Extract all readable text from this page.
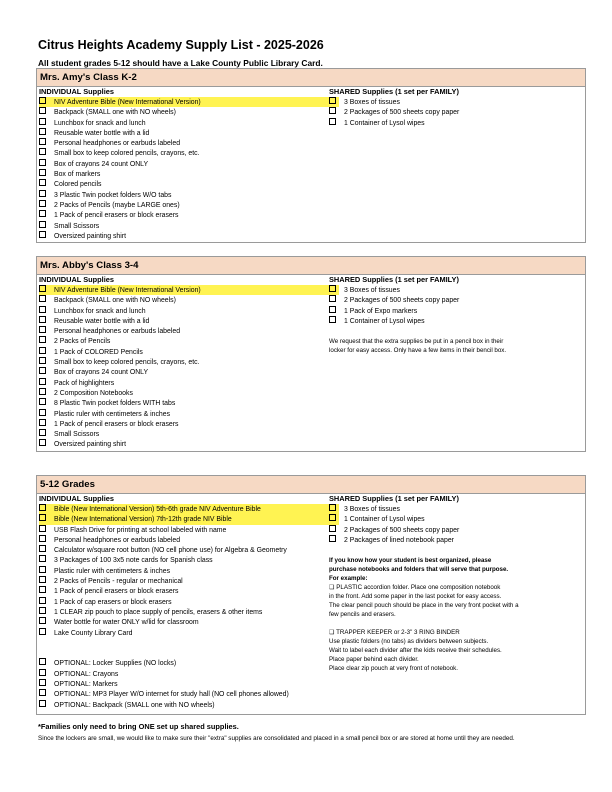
Citrus Heights Academy Supply List - 2025-2026
All student grades 5-12 should have a Lake County Public Library Card.
Mrs. Amy's Class K-2
INDIVIDUAL Supplies
NIV Adventure Bible (New International Version)
Backpack (SMALL one with NO wheels)
Lunchbox for snack and lunch
Reusable water bottle with a lid
Personal headphones or earbuds labeled
Small box to keep colored pencils, crayons, etc.
Box of crayons 24 count ONLY
Box of markers
Colored pencils
3 Plastic Twin pocket folders W/O tabs
2 Packs of Pencils (maybe LARGE ones)
1 Pack of pencil erasers or block erasers
Small Scissors
Oversized painting shirt
SHARED Supplies (1 set per FAMILY)
3 Boxes of tissues
2 Packages of 500 sheets copy paper
1 Container of Lysol wipes
Mrs. Abby's Class 3-4
INDIVIDUAL Supplies
NIV Adventure Bible (New International Version)
Backpack (SMALL one with NO wheels)
Lunchbox for snack and lunch
Reusable water bottle with a lid
Personal headphones or earbuds labeled
2 Packs of Pencils
1 Pack of COLORED Pencils
Small box to keep colored pencils, crayons, etc.
Box of crayons 24 count ONLY
Pack of highlighters
2 Composition Notebooks
8 Plastic Twin pocket folders WITH tabs
Plastic ruler with centimeters & inches
1 Pack of pencil erasers or block erasers
Small Scissors
Oversized painting shirt
SHARED Supplies (1 set per FAMILY)
3 Boxes of tissues
2 Packages of 500 sheets copy paper
1 Pack of Expo markers
1 Container of Lysol wipes
We request that the extra supplies be put in a pencil box in their
locker for easy access. Only have a few items in their bencil box.
5-12 Grades
INDIVIDUAL Supplies
Bible (New International Version) 5th-6th grade NIV Adventure Bible
Bible (New International Version) 7th-12th grade NIV Bible
USB Flash Drive for printing at school labeled with name
Personal headphones or earbuds labeled
Calculator w/square root button (NO cell phone use) for Algebra & Geometry
3 Packages of 100 3x5 note cards for Spanish class
Plastic ruler with centimeters & inches
2 Packs of Pencils - regular or mechanical
1 Pack of pencil erasers or block erasers
1 Pack of cap erasers or block erasers
1 CLEAR zip pouch to place supply of pencils, erasers & other items
Water bottle for water ONLY w/lid for classroom
Lake County Library Card
OPTIONAL: Locker Supplies (NO locks)
OPTIONAL: Crayons
OPTIONAL: Markers
OPTIONAL: MP3 Player W/O internet for study hall (NO cell phones allowed)
OPTIONAL: Backpack (SMALL one with NO wheels)
SHARED Supplies (1 set per FAMILY)
3 Boxes of tissues
1 Container of Lysol wipes
2 Packages of 500 sheets copy paper
2 Packages of lined notebook paper
If you know how your student is best organized, please
purchase notebooks and folders that will serve that purpose.
For example:
❏ PLASTIC accordion folder. Place one composition notebook
in the front. Add some paper in the last pocket for easy access.
The clear pencil pouch should be place in the very front pocket with a
few pencils and erasers.
❏ TRAPPER KEEPER or 2-3" 3 RING BINDER
Use plastic folders (no tabs) as dividers between subjects.
Wait to label each divider after the kids receive their schedules.
Place paper behind each divider.
Place clear zip pouch at very front of notebook.
*Families only need to bring ONE set up shared supplies.
Since the lockers are small, we would like to make sure their "extra" supplies are consolidated and placed in a small pencil box or are stored at home until they are needed.
